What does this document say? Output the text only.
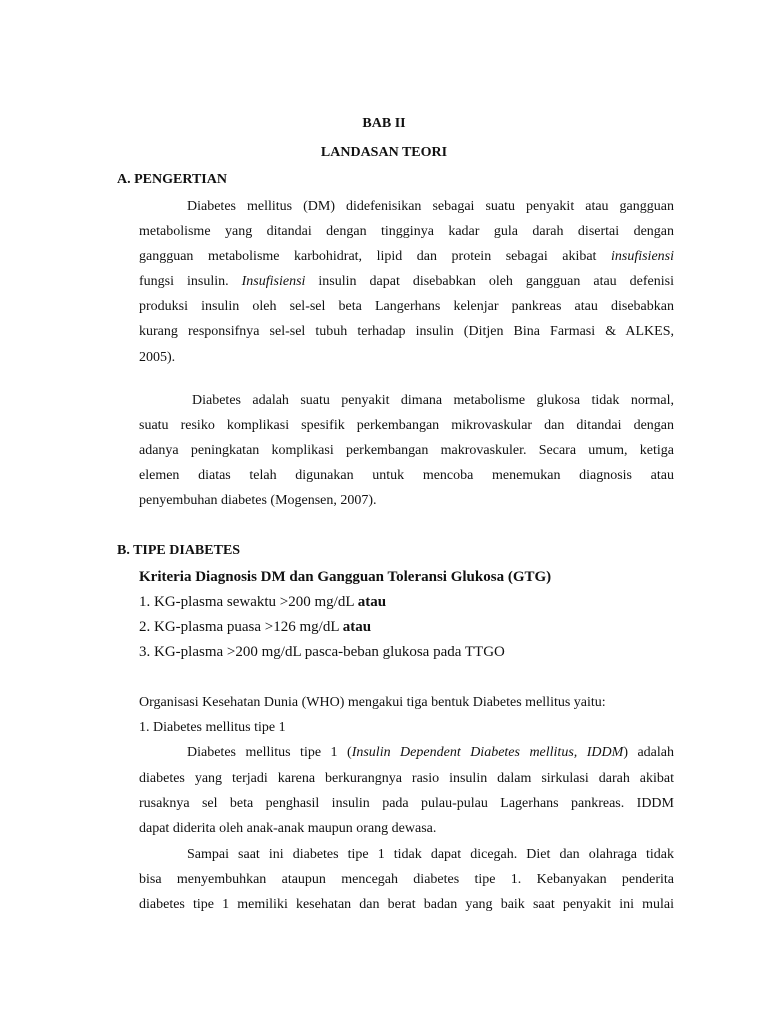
BAB II
LANDASAN TEORI
A. PENGERTIAN
Diabetes mellitus (DM) didefenisikan sebagai suatu penyakit atau gangguan
metabolisme yang ditandai dengan tingginya kadar gula darah disertai dengan
gangguan metabolisme karbohidrat, lipid dan protein sebagai akibat insufisiensi
fungsi insulin. Insufisiensi insulin dapat disebabkan oleh gangguan atau defenisi
produksi insulin oleh sel-sel beta Langerhans kelenjar pankreas atau disebabkan
kurang responsifnya sel-sel tubuh terhadap insulin (Ditjen Bina Farmasi & ALKES,
2005).
Diabetes adalah suatu penyakit dimana metabolisme glukosa tidak normal,
suatu resiko komplikasi spesifik perkembangan mikrovaskular dan ditandai dengan
adanya peningkatan komplikasi perkembangan makrovaskuler. Secara umum, ketiga
elemen diatas telah digunakan untuk mencoba menemukan diagnosis atau
penyembuhan diabetes (Mogensen, 2007).
B. TIPE DIABETES
Kriteria Diagnosis DM dan Gangguan Toleransi Glukosa (GTG)
1. KG-plasma sewaktu >200 mg/dL atau
2. KG-plasma puasa >126 mg/dL atau
3. KG-plasma >200 mg/dL pasca-beban glukosa pada TTGO
Organisasi Kesehatan Dunia (WHO) mengakui tiga bentuk Diabetes mellitus yaitu:
1. Diabetes mellitus tipe 1
Diabetes mellitus tipe 1 (Insulin Dependent Diabetes mellitus, IDDM) adalah
diabetes yang terjadi karena berkurangnya rasio insulin dalam sirkulasi darah akibat
rusaknya sel beta penghasil insulin pada pulau-pulau Lagerhans pankreas. IDDM
dapat diderita oleh anak-anak maupun orang dewasa.
Sampai saat ini diabetes tipe 1 tidak dapat dicegah. Diet dan olahraga tidak
bisa menyembuhkan ataupun mencegah diabetes tipe 1. Kebanyakan penderita
diabetes tipe 1 memiliki kesehatan dan berat badan yang baik saat penyakit ini mulai
